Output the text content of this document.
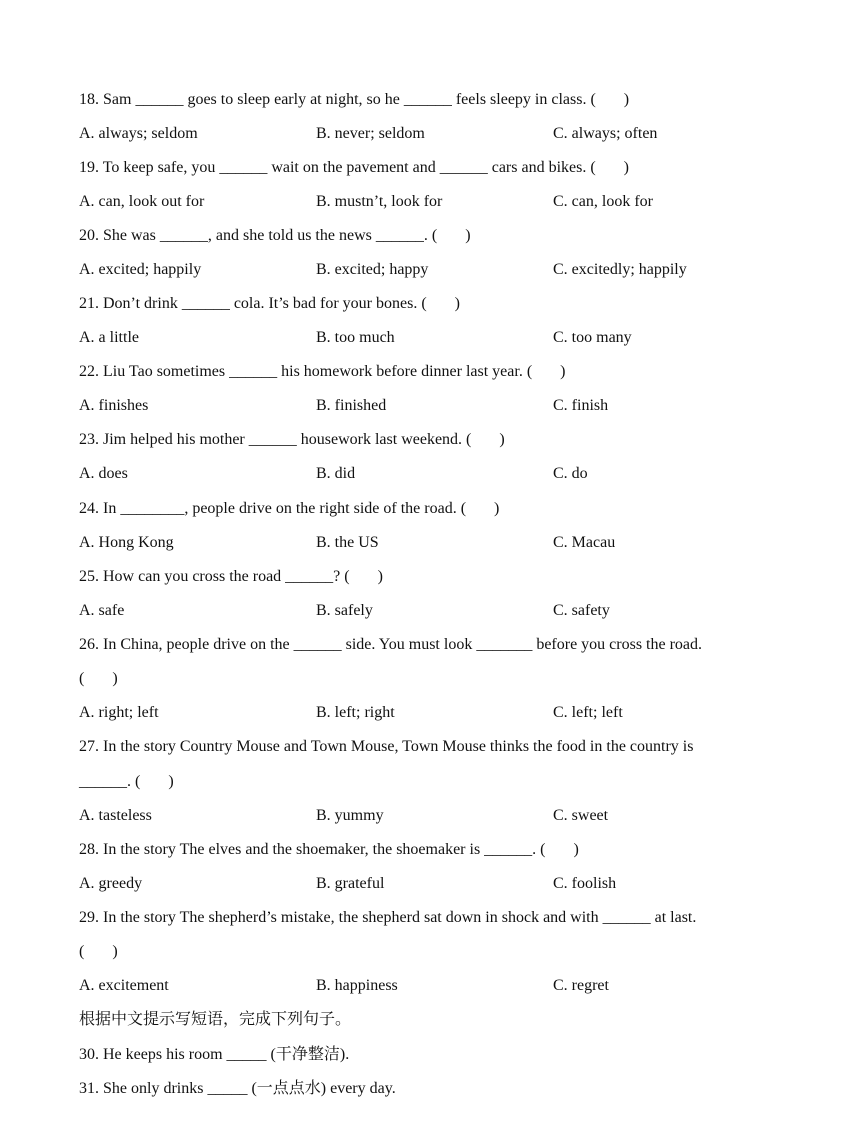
18. Sam ______ goes to sleep early at night, so he ______ feels sleepy in class. (       )
A. always; seldom	B. never; seldom	C. always; often
19. To keep safe, you ______ wait on the pavement and ______ cars and bikes. (       )
A. can, look out for	B. mustn’t, look for	C. can, look for
20. She was ______, and she told us the news ______. (       )
A. excited; happily	B. excited; happy	C. excitedly; happily
21. Don’t drink ______ cola. It’s bad for your bones. (       )
A. a little	B. too much	C. too many
22. Liu Tao sometimes ______ his homework before dinner last year. (       )
A. finishes	B. finished	C. finish
23. Jim helped his mother ______ housework last weekend. (       )
A. does	B. did	C. do
24. In ________, people drive on the right side of the road. (       )
A. Hong Kong	B. the US	C. Macau
25. How can you cross the road ______? (       )
A. safe	B. safely	C. safety
26. In China, people drive on the ______ side. You must look _______ before you cross the road.
(       )
A. right; left	B. left; right	C. left; left
27. In the story Country Mouse and Town Mouse, Town Mouse thinks the food in the country is
______. (       )
A. tasteless	B. yummy	C. sweet
28. In the story The elves and the shoemaker, the shoemaker is ______. (       )
A. greedy	B. grateful	C. foolish
29. In the story The shepherd’s mistake, the shepherd sat down in shock and with ______ at last.
(       )
A. excitement	B. happiness	C. regret
根据中文提示写短语，完成下列句子。
30. He keeps his room _____ (干净整洁).
31. She only drinks _____ (一点点水) every day.
